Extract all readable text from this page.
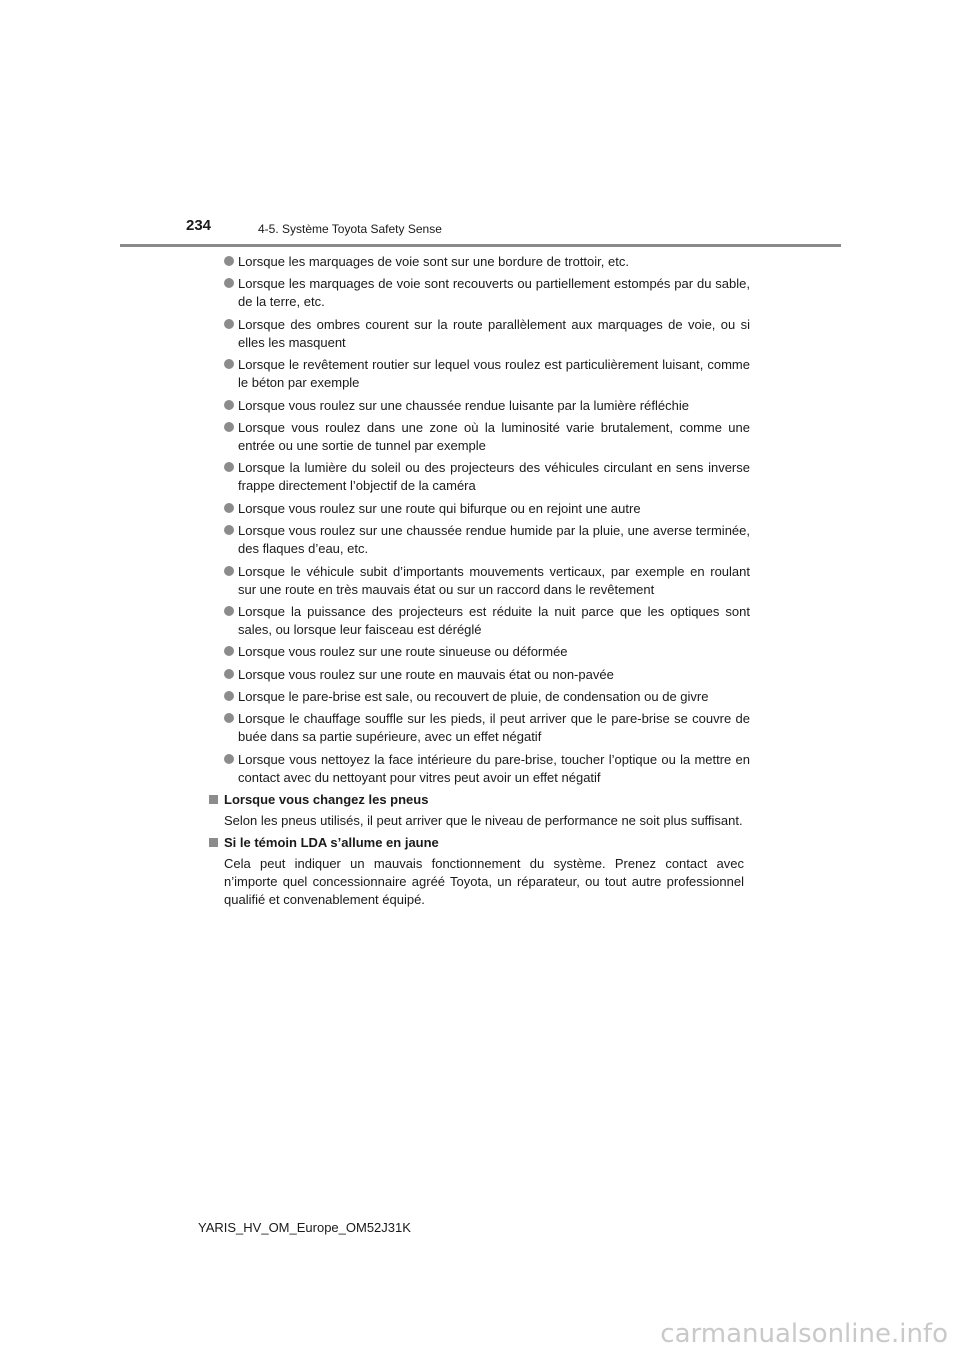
234	4-5. Système Toyota Safety Sense
Lorsque les marquages de voie sont sur une bordure de trottoir, etc.
Lorsque les marquages de voie sont recouverts ou partiellement estompés par du sable, de la terre, etc.
Lorsque des ombres courent sur la route parallèlement aux marquages de voie, ou si elles les masquent
Lorsque le revêtement routier sur lequel vous roulez est particulièrement luisant, comme le béton par exemple
Lorsque vous roulez sur une chaussée rendue luisante par la lumière réfléchie
Lorsque vous roulez dans une zone où la luminosité varie brutalement, comme une entrée ou une sortie de tunnel par exemple
Lorsque la lumière du soleil ou des projecteurs des véhicules circulant en sens inverse frappe directement l’objectif de la caméra
Lorsque vous roulez sur une route qui bifurque ou en rejoint une autre
Lorsque vous roulez sur une chaussée rendue humide par la pluie, une averse terminée, des flaques d’eau, etc.
Lorsque le véhicule subit d’importants mouvements verticaux, par exemple en roulant sur une route en très mauvais état ou sur un raccord dans le revêtement
Lorsque la puissance des projecteurs est réduite la nuit parce que les optiques sont sales, ou lorsque leur faisceau est déréglé
Lorsque vous roulez sur une route sinueuse ou déformée
Lorsque vous roulez sur une route en mauvais état ou non-pavée
Lorsque le pare-brise est sale, ou recouvert de pluie, de condensation ou de givre
Lorsque le chauffage souffle sur les pieds, il peut arriver que le pare-brise se couvre de buée dans sa partie supérieure, avec un effet négatif
Lorsque vous nettoyez la face intérieure du pare-brise, toucher l’optique ou la mettre en contact avec du nettoyant pour vitres peut avoir un effet négatif
Lorsque vous changez les pneus
Selon les pneus utilisés, il peut arriver que le niveau de performance ne soit plus suffisant.
Si le témoin LDA s’allume en jaune
Cela peut indiquer un mauvais fonctionnement du système. Prenez contact avec n’importe quel concessionnaire agréé Toyota, un réparateur, ou tout autre professionnel qualifié et convenablement équipé.
YARIS_HV_OM_Europe_OM52J31K
carmanualsonline.info
